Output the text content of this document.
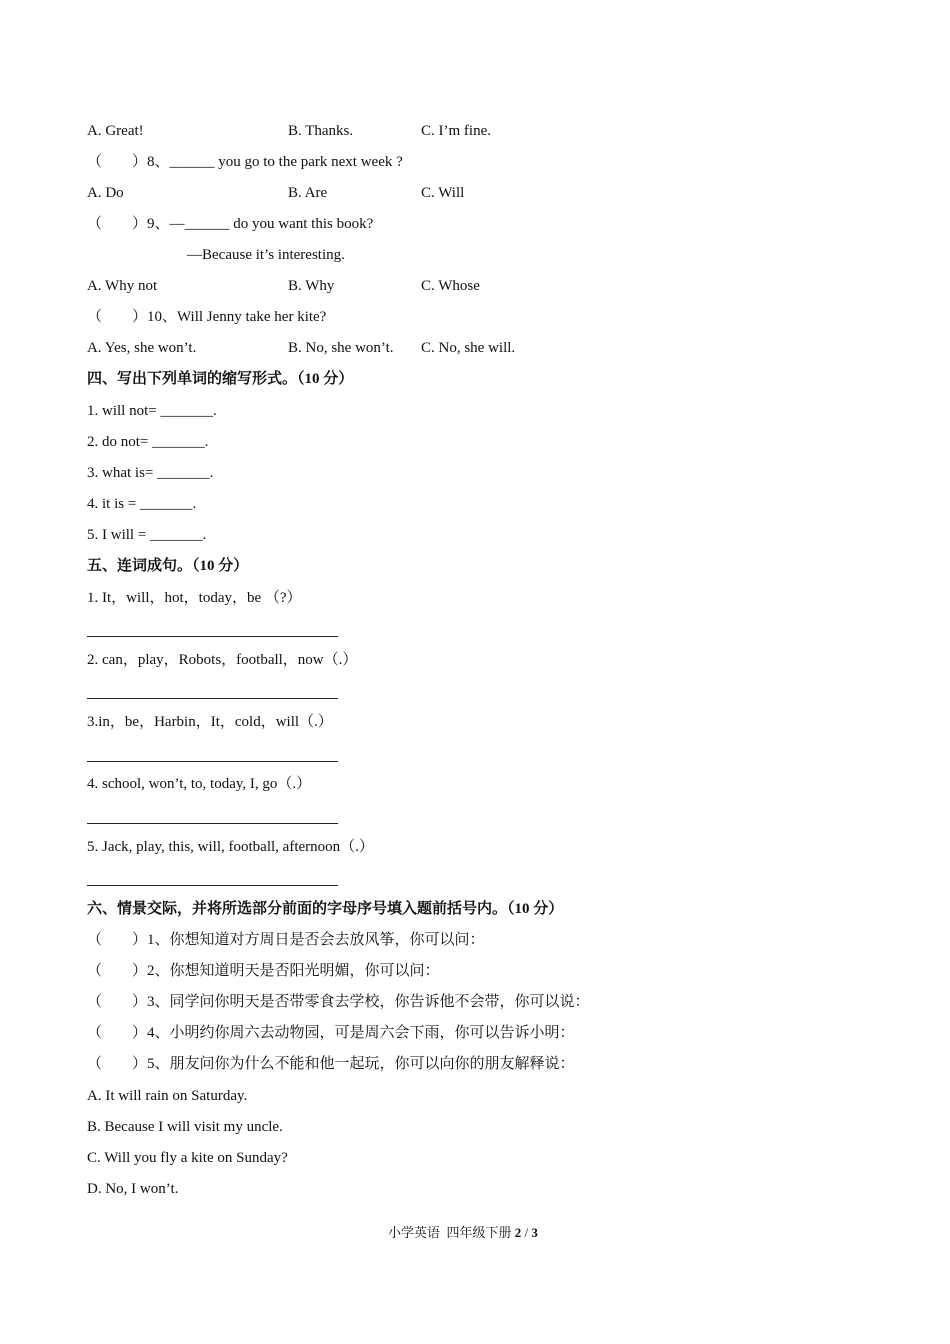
A. Great!	B. Thanks.	C. I’m fine.
（　　）8、______ you go to the park next week ?
A. Do	B. Are	C. Will
（　　）9、—______ do you want this book?
—Because it’s interesting.
A. Why not	B. Why	C. Whose
（　　）10、Will Jenny take her kite?
A. Yes, she won’t.	B. No, she won’t. C. No, she will.
四、写出下列单词的缩写形式。（10 分）
1. will not= _______.
2. do not= _______.
3. what is= _______.
4. it is = _______.
5. I will = _______.
五、连词成句。（10 分）
1. It，will，hot，today，be （?）
2. can，play，Robots，football，now（.）
3.in，be，Harbin，It，cold，will（.）
4. school, won’t, to, today, I, go（.）
5. Jack, play, this, will, football, afternoon（.）
六、情景交际，并将所选部分前面的字母序号填入题前括号内。（10 分）
（　　）1、你想知道对方周日是否会去放风筝，你可以问：
（　　）2、你想知道明天是否阳光明媚，你可以问：
（　　）3、同学问你明天是否带零食去学校，你告诉他不会带，你可以说：
（　　）4、小明约你周六去动物园，可是周六会下雨，你可以告诉小明：
（　　）5、朋友问你为什么不能和他一起玩，你可以向你的朋友解释说：
A. It will rain on Saturday.
B. Because I will visit my uncle.
C. Will you fly a kite on Sunday?
D. No, I won’t.
小学英语  四年级下册 2 / 3
